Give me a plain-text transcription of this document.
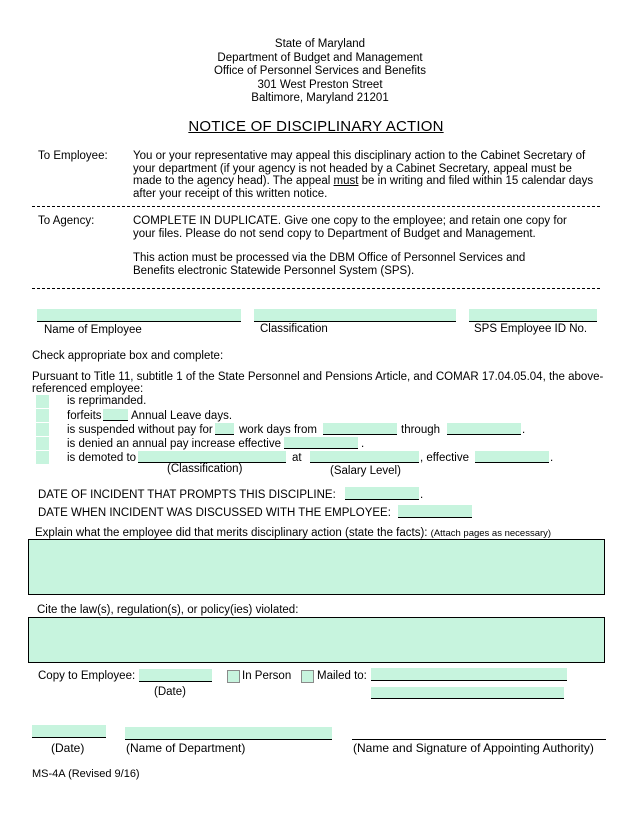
State of Maryland
Department of Budget and Management
Office of Personnel Services and Benefits
301 West Preston Street
Baltimore, Maryland 21201
NOTICE OF DISCIPLINARY ACTION
To Employee: You or your representative may appeal this disciplinary action to the Cabinet Secretary of
your department (if your agency is not headed by a Cabinet Secretary, appeal must be
made to the agency head). The appeal must be in writing and filed within 15 calendar days
after your receipt of this written notice.
To Agency:	COMPLETE IN DUPLICATE. Give one copy to the employee; and retain one copy for
your files. Please do not send copy to Department of Budget and Management.
This action must be processed via the DBM Office of Personnel Services and
Benefits electronic Statewide Personnel System (SPS).
Name of Employee	Classification	SPS Employee ID No.
Check appropriate box and complete:
Pursuant to Title 11, subtitle 1 of the State Personnel and Pensions Article, and COMAR 17.04.05.04, the above-
referenced employee:
is reprimanded.
forfeits	Annual Leave days.
is suspended without pay for work days from	through	.
is denied an annual pay increase effective	.
is demoted to	at	, effective	.
(Classification)	(Salary Level)
DATE OF INCIDENT THAT PROMPTS THIS DISCIPLINE:	.
DATE WHEN INCIDENT WAS DISCUSSED WITH THE EMPLOYEE:
Explain what the employee did that merits disciplinary action (state the facts): (Attach pages as necessary)
Cite the law(s), regulation(s), or policy(ies) violated:
Copy to Employee:
(Date)
In Person Mailed to:
(Date)	(Name of Department)	(Name and Signature of Appointing Authority)
MS-4A (Revised 9/16)
